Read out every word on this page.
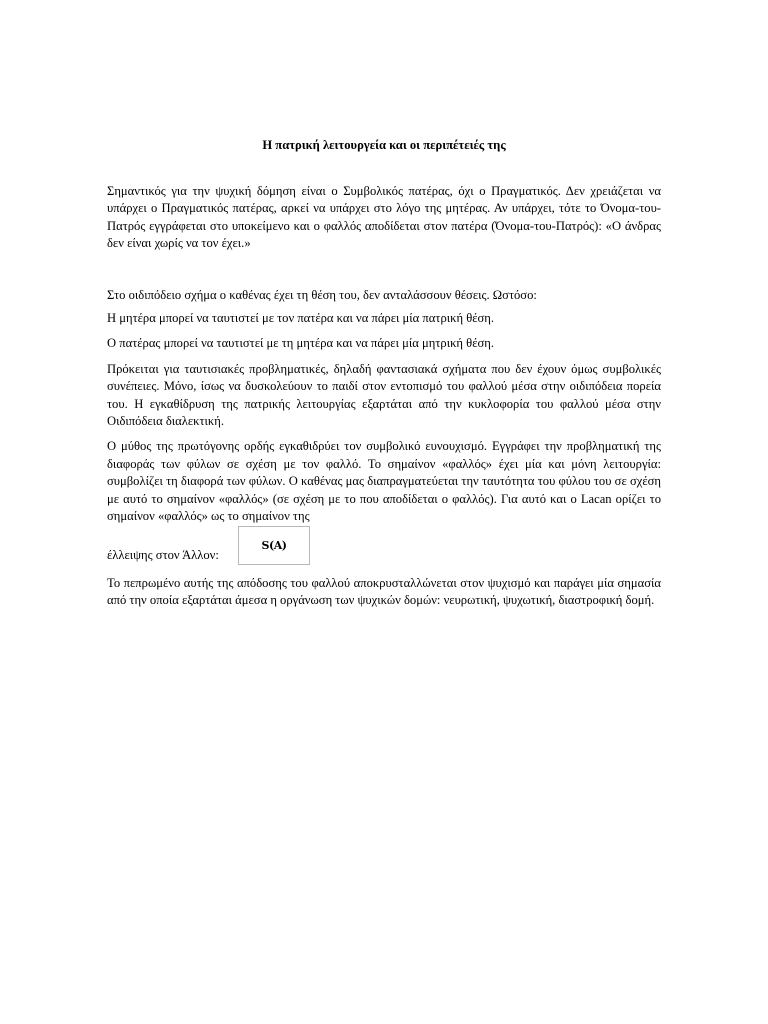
Η πατρική λειτουργεία και οι περιπέτειές της

Σημαντικός για την ψυχική δόμηση είναι ο Συμβολικός πατέρας, όχι ο Πραγματικός. Δεν χρειάζεται να υπάρχει ο Πραγματικός πατέρας, αρκεί να υπάρχει στο λόγο της μητέρας. Αν υπάρχει, τότε το Όνομα-του-Πατρός εγγράφεται στο υποκείμενο και ο φαλλός αποδίδεται στον πατέρα (Όνομα-του-Πατρός): «Ο άνδρας δεν είναι χωρίς να τον έχει.»

Στο οιδιπόδειο σχήμα ο καθένας έχει τη θέση του, δεν ανταλάσσουν θέσεις. Ωστόσο:

Η μητέρα μπορεί να ταυτιστεί με τον πατέρα και να πάρει μία πατρική θέση.

Ο πατέρας μπορεί να ταυτιστεί με τη μητέρα και να πάρει μία μητρική θέση.

Πρόκειται για ταυτισιακές προβληματικές, δηλαδή φαντασιακά σχήματα που δεν έχουν όμως συμβολικές συνέπειες. Μόνο, ίσως να δυσκολεύουν το παιδί στον εντοπισμό του φαλλού μέσα στην οιδιπόδεια πορεία του. Η εγκαθίδρυση της πατρικής λειτουργίας εξαρτάται από την κυκλοφορία του φαλλού μέσα στην Οιδιπόδεια διαλεκτική.

Ο μύθος της πρωτόγονης ορδής εγκαθιδρύει τον συμβολικό ευνουχισμό. Εγγράφει την προβληματική της διαφοράς των φύλων σε σχέση με τον φαλλό. Το σημαίνον «φαλλός» έχει μία και μόνη λειτουργία: συμβολίζει τη διαφορά των φύλων. Ο καθένας μας διαπραγματεύεται την ταυτότητα του φύλου του σε σχέση με αυτό το σημαίνον «φαλλός» (σε σχέση με το που αποδίδεται ο φαλλός). Για αυτό και ο Lacan ορίζει το σημαίνον «φαλλός» ως το σημαίνον της

έλλειψης στον Άλλον:
S(A)

Το πεπρωμένο αυτής της απόδοσης του φαλλού αποκρυσταλλώνεται στον ψυχισμό και παράγει μία σημασία από την οποία εξαρτάται άμεσα η οργάνωση των ψυχικών δομών: νευρωτική, ψυχωτική, διαστροφική δομή.
